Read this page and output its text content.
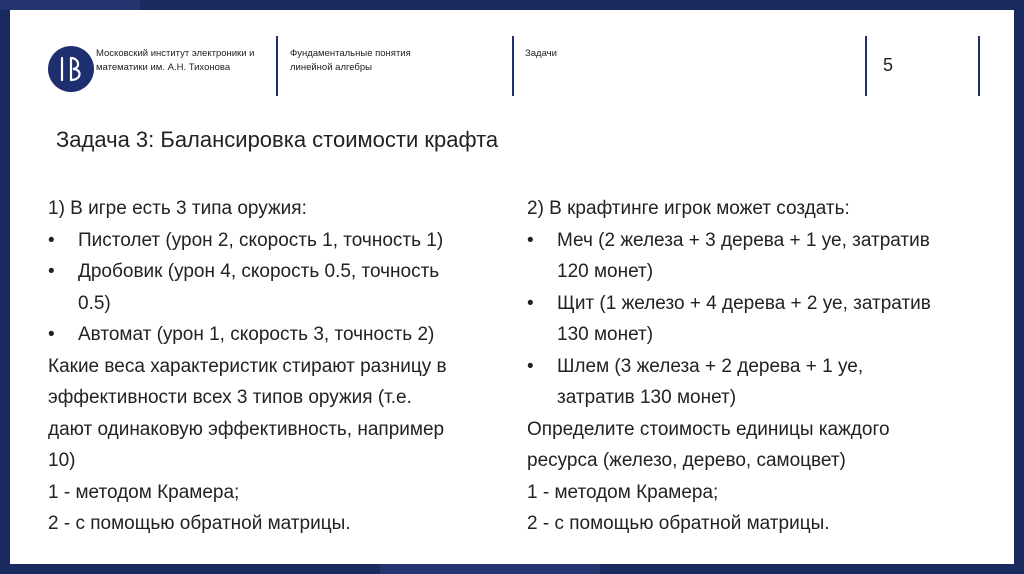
Московский институт электроники и
математики им. А.Н. Тихонова
Фундаментальные понятия
линейной алгебры
Задачи
5
Задача 3: Балансировка стоимости крафта
1) В игре есть 3 типа оружия:
•	Пистолет (урон 2, скорость 1, точность 1)
•	Дробовик (урон 4, скорость 0.5, точность
0.5)
•	Автомат (урон 1, скорость 3, точность 2)
Какие веса характеристик стирают разницу в
эффективности всех 3 типов оружия (т.е.
дают одинаковую эффективность, например
10)
1 - методом Крамера;
2 - с помощью обратной матрицы.
2) В крафтинге игрок может создать:
•	Меч (2 железа + 3 дерева + 1 уе, затратив
120 монет)
•	Щит (1 железо + 4 дерева + 2 уе, затратив
130 монет)
•	Шлем (3 железа + 2 дерева + 1 уе,
затратив 130 монет)
Определите стоимость единицы каждого
ресурса (железо, дерево, самоцвет)
1 - методом Крамера;
2 - с помощью обратной матрицы.
